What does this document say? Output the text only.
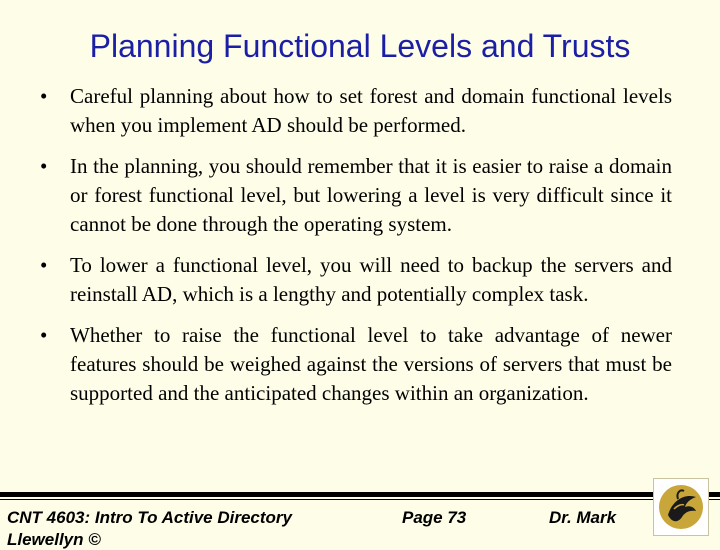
Planning Functional Levels and Trusts
• Careful planning about how to set forest and domain functional levels when you implement AD should be performed.
• In the planning, you should remember that it is easier to raise a domain or forest functional level, but lowering a level is very difficult since it cannot be done through the operating system.
• To lower a functional level, you will need to backup the servers and reinstall AD, which is a lengthy and potentially complex task.
• Whether to raise the functional level to take advantage of newer features should be weighed against the versions of servers that must be supported and the anticipated changes within an organization.
CNT 4603: Intro To Active Directory
Llewellyn ©
Page 73	Dr. Mark
